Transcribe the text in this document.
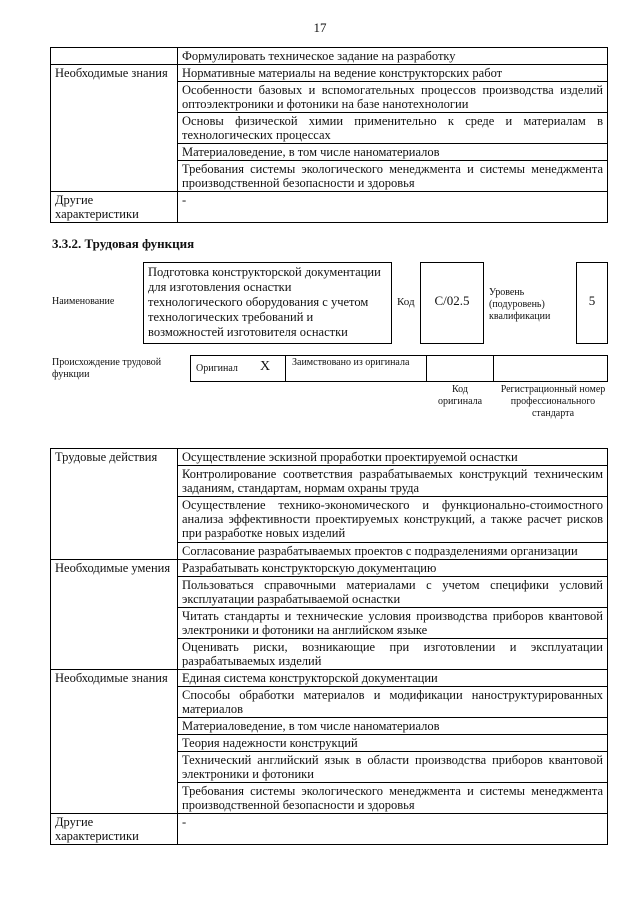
17
	Формулировать техническое задание на разработку
Необходимые знания	Нормативные материалы на ведение конструкторских работ
	Особенности базовых и вспомогательных процессов производства изделий оптоэлектроники и фотоники на базе нанотехнологии
	Основы физической химии применительно к среде и материалам в технологических процессах
	Материаловедение, в том числе наноматериалов
	Требования системы экологического менеджмента и системы менеджмента производственной безопасности и здоровья
Другие характеристики	-
3.3.2. Трудовая функция
Наименование
Подготовка конструкторской документации для изготовления оснастки технологического оборудования с учетом технологических требований и возможностей изготовителя оснастки
Код	С/02.5
Уровень (подуровень) квалификации
5
Происхождение трудовой функции
Оригинал X Заимствовано из оригинала
Код оригинала
Регистрационный номер профессионального стандарта
Трудовые действия	Осуществление эскизной проработки проектируемой оснастки
	Контролирование соответствия разрабатываемых конструкций техническим заданиям, стандартам, нормам охраны труда
	Осуществление технико-экономического и функционально-стоимостного анализа эффективности проектируемых конструкций, а также расчет рисков при разработке новых изделий
	Согласование разрабатываемых проектов с подразделениями организации
Необходимые умения	Разрабатывать конструкторскую документацию
	Пользоваться справочными материалами с учетом специфики условий эксплуатации разрабатываемой оснастки
	Читать стандарты и технические условия производства приборов квантовой электроники и фотоники на английском языке
	Оценивать риски, возникающие при изготовлении и эксплуатации разрабатываемых изделий
Необходимые знания	Единая система конструкторской документации
	Способы обработки материалов и модификации наноструктурированных материалов
	Материаловедение, в том числе наноматериалов
	Теория надежности конструкций
	Технический английский язык в области производства приборов квантовой электроники и фотоники
	Требования системы экологического менеджмента и системы менеджмента производственной безопасности и здоровья
Другие характеристики	-
